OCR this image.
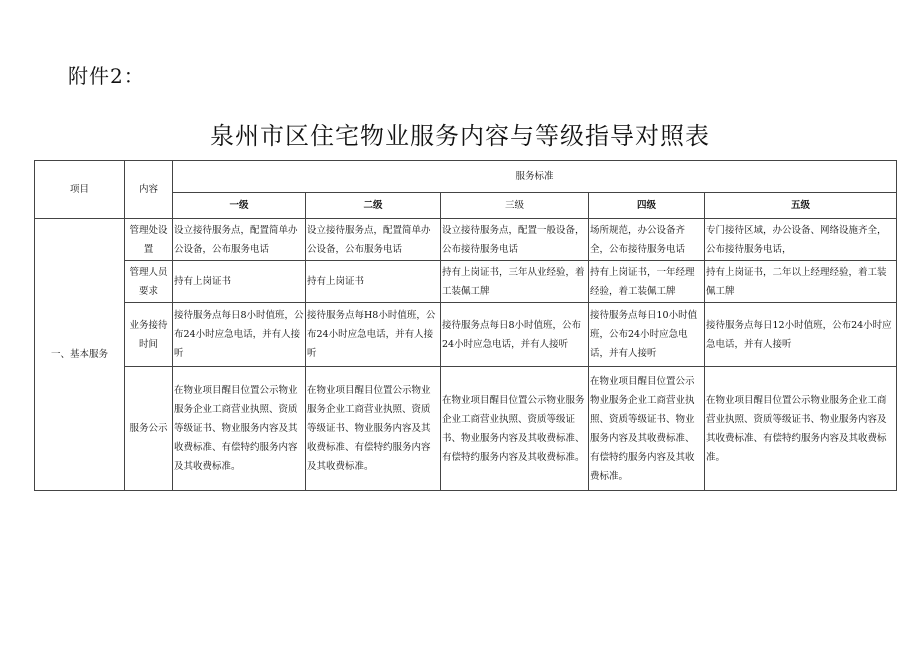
附件2：
泉州市区住宅物业服务内容与等级指导对照表
项目	内容	服务标准				
		一级	二级	三级	四级	五级
一、基本服务	管理处设置	设立接待服务点，配置简单办公设备，公布服务电话	设立接待服务点，配置简单办公设备，公布服务电话	设立接待服务点，配置一般设备，公布接待服务电话	场所规范，办公设备齐全，公布接待服务电话	专门接待区域，办公设备、网络设施齐全，公布接待服务电话，
	管理人员要求	持有上岗证书	持有上岗证书	持有上岗证书，三年从业经验，着工装佩工牌	持有上岗证书，一年经理经验，着工装佩工牌	持有上岗证书，二年以上经理经验，着工装佩工牌
	业务接待时间	接待服务点每日8小时值班，公布24小时应急电话，并有人接听	接待服务点每H8小时值班，公布24小时应急电话，并有人接听	接待服务点每日8小时值班，公布24小时应急电话，并有人接听	接待服务点每日10小时值班，公布24小时应急电话，并有人接听	接待服务点每日12小时值班，公布24小时应急电话，并有人接听
	服务公示	在物业项目醒目位置公示物业服务企业工商营业执照、资质等级证书、物业服务内容及其收费标准、有偿特约服务内容及其收费标准。	在物业项目醒目位置公示物业服务企业工商营业执照、资质等级证书、物业服务内容及其收费标准、有偿特约服务内容及其收费标准。	在物业项目醒目位置公示物业服务企业工商营业执照、资质等级证书、物业服务内容及其收费标准、有偿特约服务内容及其收费标准。	在物业项目醒目位置公示物业服务企业工商营业执照、资质等级证书、物业服务内容及其收费标准、有偿特约服务内容及其收费标准。	在物业项目醒目位置公示物业服务企业工商营业执照、资质等级证书、物业服务内容及其收费标准、有偿特约服务内容及其收费标准。
